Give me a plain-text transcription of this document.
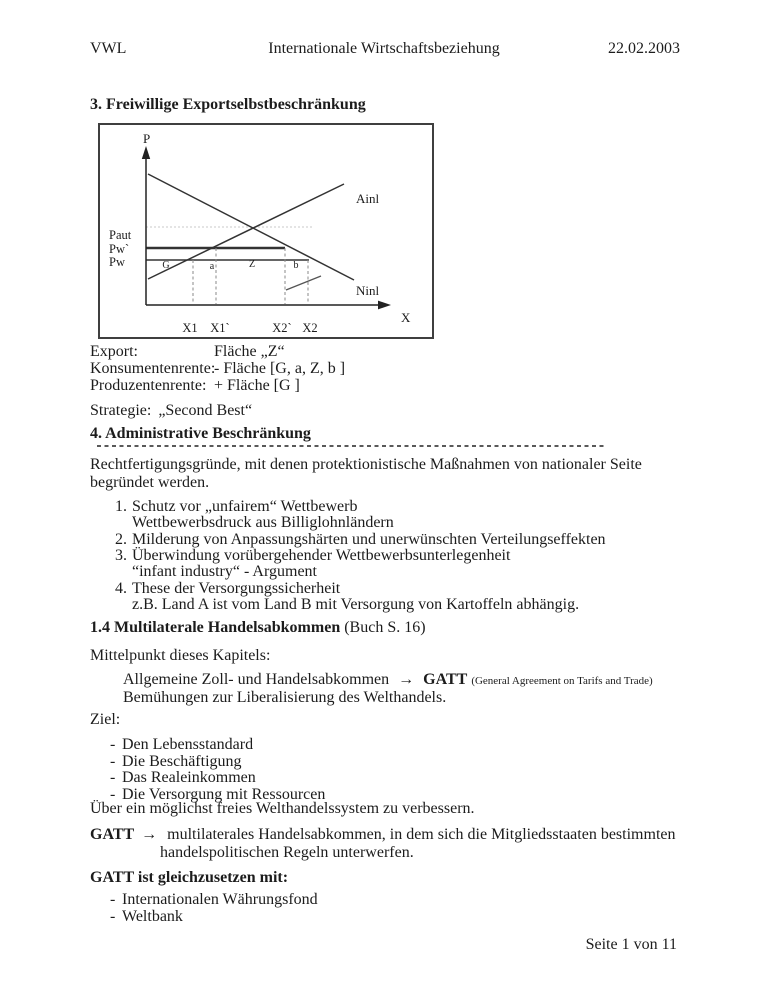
VWL	Internationale Wirtschaftsbeziehung	22.02.2003
3. Freiwillige Exportselbstbeschränkung
P
X
Ainl
Ninl
Paut
Pw`
Pw	G	a	Z	b
X1 X1`	X2` X2
Export:	Fläche „Z“
Konsumentenrente: - Fläche [G, a, Z, b ]
Produzentenrente: + Fläche [G ]
Strategie: „Second Best“
4. Administrative Beschränkung
Rechtfertigungsgründe, mit denen protektionistische Maßnahmen von nationaler Seite begründet werden.
1. Schutz vor „unfairem“ Wettbewerb
Wettbewerbsdruck aus Billiglohnländern
2. Milderung von Anpassungshärten und unerwünschten Verteilungseffekten
3. Überwindung vorübergehender Wettbewerbsunterlegenheit
“infant industry“ - Argument
4. These der Versorgungssicherheit
z.B. Land A ist vom Land B mit Versorgung von Kartoffeln abhängig.
1.4 Multilaterale Handelsabkommen (Buch S. 16)
Mittelpunkt dieses Kapitels:
Allgemeine Zoll- und Handelsabkommen → GATT (General Agreement on Tarifs and Trade)
Bemühungen zur Liberalisierung des Welthandels.
Ziel:
- Den Lebensstandard
- Die Beschäftigung
- Das Realeinkommen
- Die Versorgung mit Ressourcen
Über ein möglichst freies Welthandelssystem zu verbessern.
GATT → multilaterales Handelsabkommen, in dem sich die Mitgliedsstaaten bestimmten
handelspolitischen Regeln unterwerfen.
GATT ist gleichzusetzen mit:
- Internationalen Währungsfond
- Weltbank
Seite 1 von 11
